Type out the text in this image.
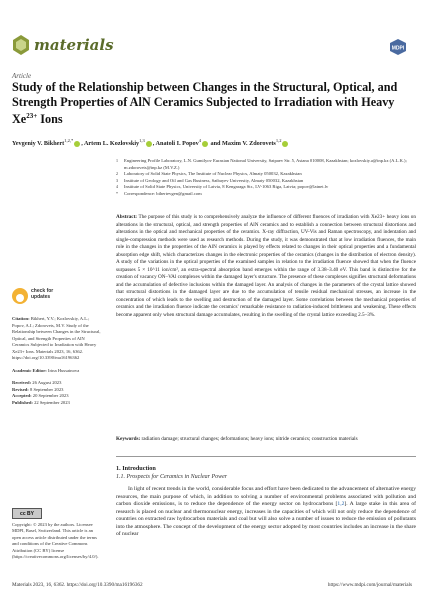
materials	MDPI
Article
Study of the Relationship between Changes in the Structural, Optical, and Strength Properties of AlN Ceramics Subjected to Irradiation with Heavy $Xe^{23+}$ Ions
Yevgeniy V. Bikhert$^{1,2,*}$ , Artem L. Kozlovskiy$^{1,3}$ , Anatoli I. Popov$^4$ and Maxim V. Zdorovets$^{1,2}$
1 Engineering Profile Laboratory, L.N. Gumilyov Eurasian National University, Satpaev Str. 5, Astana 010008, Kazakhstan; kozlovskiy.a@inp.kz (A.L.K.); m.zdorovets@inp.kz (M.V.Z.)
2 Laboratory of Solid State Physics, The Institute of Nuclear Physics, Almaty 050032, Kazakhstan
3 Institute of Geology and Oil and Gas Business, Satbayev University, Almaty 050032, Kazakhstan
4 Institute of Solid State Physics, University of Latvia, 8 Kengaraga Str., LV-1063 Riga, Latvia; popov@latnet.lv
* Correspondence: bihertevgen@gmail.com
Abstract: The purpose of this study is to comprehensively analyze the influence of different fluences of irradiation with Xe23+ heavy ions on alterations in the structural, optical, and strength properties of AlN ceramics and to establish a connection between structural distortions and alterations in the optical and mechanical properties of the ceramics. X-ray diffraction, UV-Vis and Raman spectroscopy, and indentation and single-compression methods were used as research methods. During the study, it was demonstrated that at low irradiation fluences, the main role in the changes in the properties of the AlN ceramics is played by effects related to changes in their optical properties and a fundamental absorption edge shift, which characterizes changes in the electronic properties of the ceramics (changes in the distribution of electron density). A study of the variations in the optical properties of the examined samples in relation to the irradiation fluence showed that when the fluence surpasses 5 × 10^11 ion/cm², an extra-spectral absorption band emerges within the range of 3.38–3.40 eV. This band is distinctive for the creation of vacancy ON–VAl complexes within the damaged layer's structure. The presence of these complexes signifies structural deformations and the accumulation of defective inclusions within the damaged layer. An analysis of changes in the parameters of the crystal lattice showed that structural distortions in the damaged layer are due to the accumulation of tensile residual mechanical stresses, an increase in the concentration of which leads to the swelling and destruction of the damaged layer. Some correlations between the mechanical properties of ceramics and the irradiation fluence indicate the ceramics' remarkable resistance to radiation-induced brittleness and weakening. These effects become apparent only when structural damage accumulates, resulting in the swelling of the crystal lattice exceeding 2.5–3%.
Keywords: radiation damage; structural changes; deformations; heavy ions; nitride ceramics; construction materials
1. Introduction
1.1. Prospects for Ceramics in Nuclear Power

In light of recent trends in the world, considerable focus and effort have been dedicated to the advancement of alternative energy resources, the main purpose of which, in addition to solving a number of environmental problems associated with pollution and carbon dioxide emissions, is to reduce the dependence of the energy sector on hydrocarbons [1,2]. A large stake in this area of research is placed on nuclear and thermonuclear energy, increases in the capacities of which will not only reduce the dependence of countries on extracted raw hydrocarbon materials and coal but will also solve a number of issues to reduce the emission of pollutants into the atmosphere. The concept of the development of the energy sector adopted by most countries includes an increase in the share of nuclear

check for
updates
Citation: Bikhert, Y.V.; Kozlovskiy, A.L.; Popov, A.I.; Zdorovets, M.V. Study of the Relationship between Changes in the Structural, Optical, and Strength Properties of AlN Ceramics Subjected to Irradiation with Heavy Xe23+ Ions. Materials 2023, 16, 6362. https://doi.org/10.3390/ma16196362
Academic Editor: Irina Hussainova
Received: 26 August 2023
Revised: 8 September 2023
Accepted: 20 September 2023
Published: 22 September 2023
cc BY
Copyright: © 2023 by the authors. Licensee MDPI, Basel, Switzerland. This article is an open access article distributed under the terms and conditions of the Creative Commons Attribution (CC BY) license (https://creativecommons.org/licenses/by/4.0/).
Materials 2023, 16, 6362. https://doi.org/10.3390/ma16196362	https://www.mdpi.com/journal/materials
